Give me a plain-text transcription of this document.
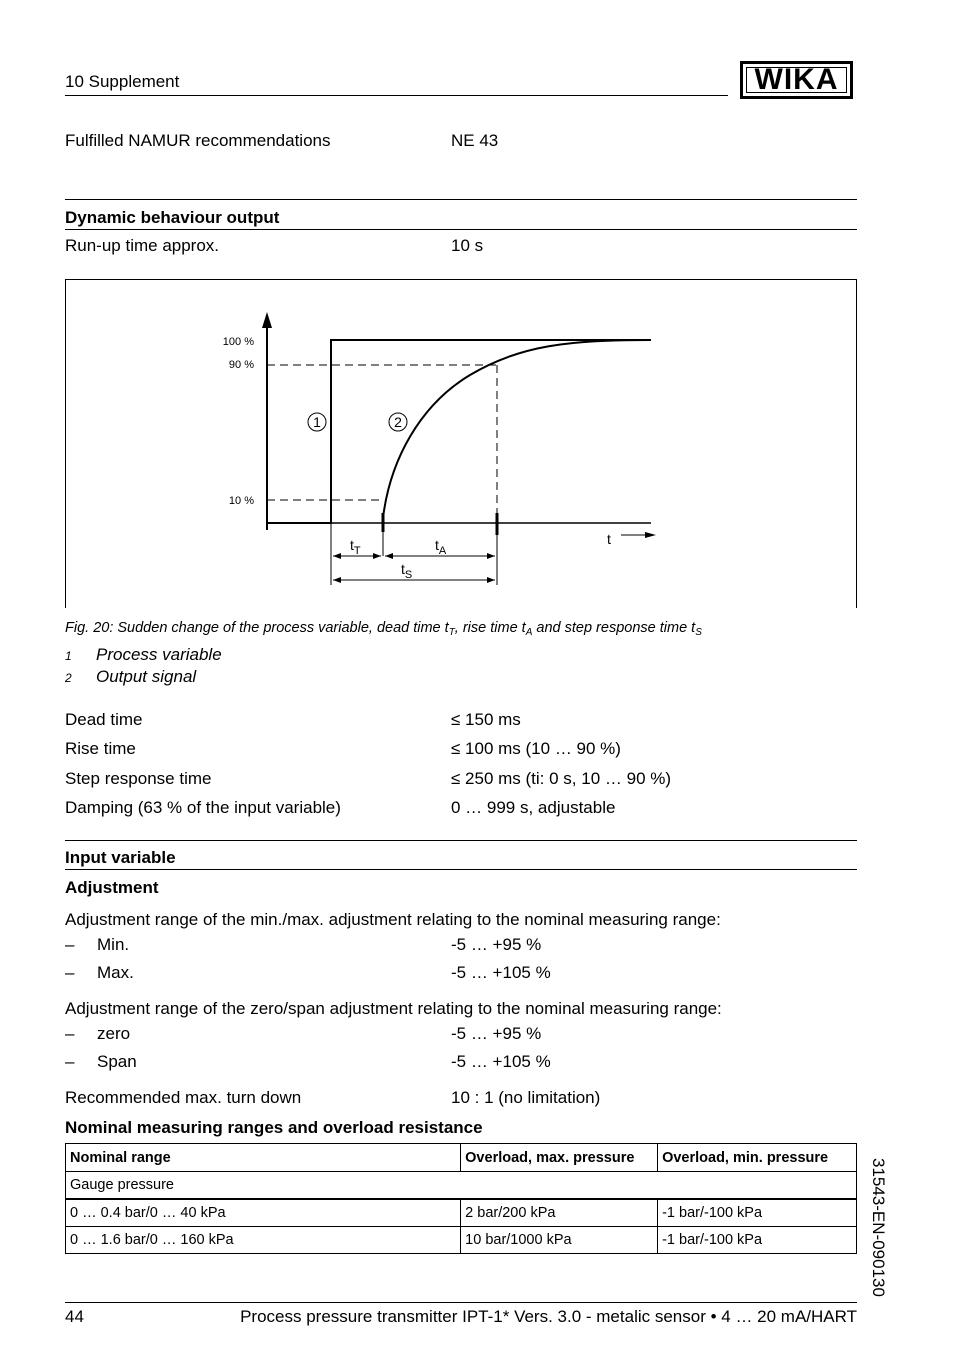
10 Supplement	WIKA
Fulfilled NAMUR recommendations	NE 43
Dynamic behaviour output
Run-up time approx.	10 s
100 %
90 %
10 %
1	2
t
$t_T$	$t_A$
$t_S$
Fig. 20: Sudden change of the process variable, dead time $t_T$, rise time $t_A$ and step response time $t_S$
1 Process variable
2 Output signal
Dead time	≤ 150 ms
Rise time	≤ 100 ms (10 … 90 %)
Step response time	≤ 250 ms (ti: 0 s, 10 … 90 %)
Damping (63 % of the input variable)	0 … 999 s, adjustable
Input variable
Adjustment
Adjustment range of the min./max. adjustment relating to the nominal measuring range:
– Min.	-5 … +95 %
– Max.	-5 … +105 %
Adjustment range of the zero/span adjustment relating to the nominal measuring range:
– zero	-5 … +95 %
– Span	-5 … +105 %
Recommended max. turn down	10 : 1 (no limitation)
Nominal measuring ranges and overload resistance
Nominal range	Overload, max. pressure	Overload, min. pressure
Gauge pressure		
0 … 0.4 bar/0 … 40 kPa	2 bar/200 kPa	-1 bar/-100 kPa
0 … 1.6 bar/0 … 160 kPa	10 bar/1000 kPa	-1 bar/-100 kPa	31543-EN-090130
44	Process pressure transmitter IPT-1* Vers. 3.0 - metalic sensor • 4 … 20 mA/HART
